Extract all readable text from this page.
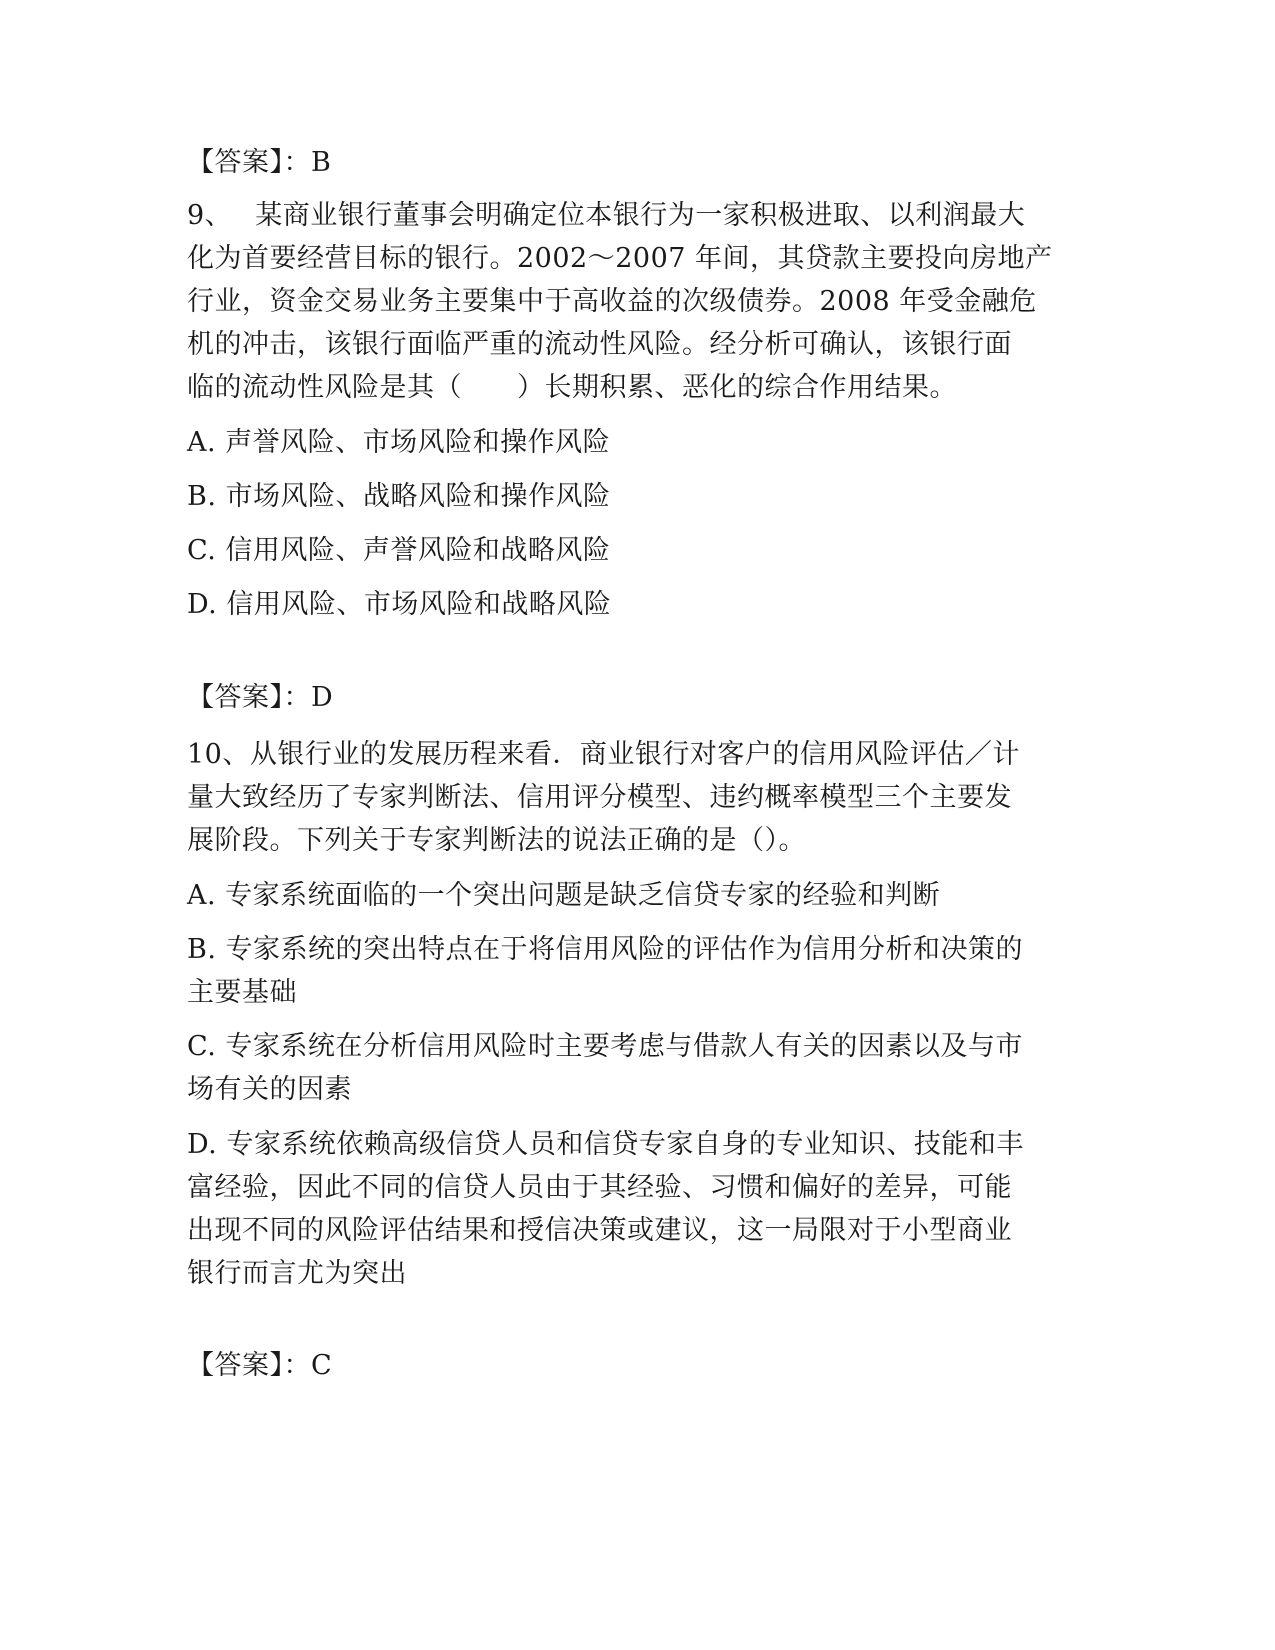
【答案】：B
9、　 某商业银行董事会明确定位本银行为一家积极进取、以利润最大
化为首要经营目标的银行。2002～2007 年间，其贷款主要投向房地产
行业，资金交易业务主要集中于高收益的次级债券。2008 年受金融危
机的冲击，该银行面临严重的流动性风险。经分析可确认，该银行面
临的流动性风险是其（　　）长期积累、恶化的综合作用结果。
A. 声誉风险、市场风险和操作风险
B. 市场风险、战略风险和操作风险
C. 信用风险、声誉风险和战略风险
D. 信用风险、市场风险和战略风险
【答案】：D
10、从银行业的发展历程来看．商业银行对客户的信用风险评估／计
量大致经历了专家判断法、信用评分模型、违约概率模型三个主要发
展阶段。下列关于专家判断法的说法正确的是（）。
A. 专家系统面临的一个突出问题是缺乏信贷专家的经验和判断
B. 专家系统的突出特点在于将信用风险的评估作为信用分析和决策的
主要基础
C. 专家系统在分析信用风险时主要考虑与借款人有关的因素以及与市
场有关的因素
D. 专家系统依赖高级信贷人员和信贷专家自身的专业知识、技能和丰
富经验，因此不同的信贷人员由于其经验、习惯和偏好的差异，可能
出现不同的风险评估结果和授信决策或建议，这一局限对于小型商业
银行而言尤为突出
【答案】：C
